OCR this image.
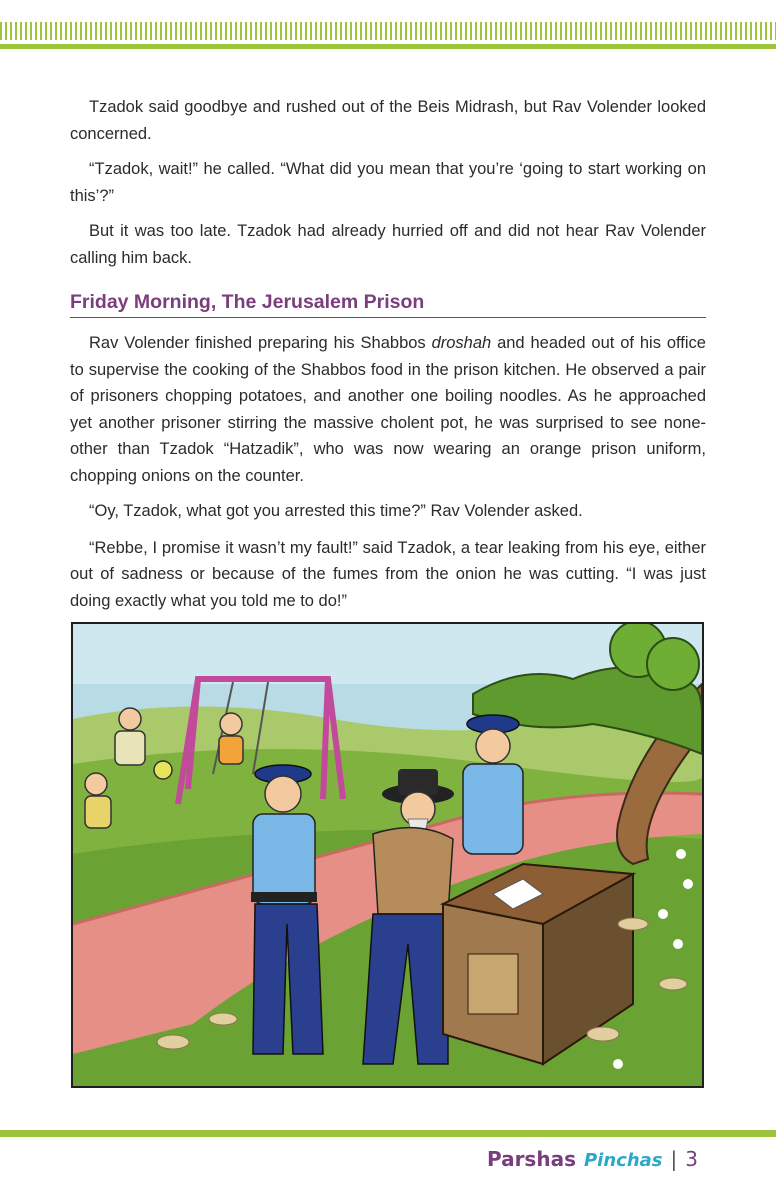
Tzadok said goodbye and rushed out of the Beis Midrash, but Rav Volender looked concerned.

“Tzadok, wait!” he called. “What did you mean that you’re ‘going to start working on this’?”

But it was too late. Tzadok had already hurried off and did not hear Rav Volender calling him back.

Friday Morning, The Jerusalem Prison

Rav Volender finished preparing his Shabbos droshah and headed out of his office to supervise the cooking of the Shabbos food in the prison kitchen. He observed a pair of prisoners chopping potatoes, and another one boiling noodles. As he approached yet another prisoner stirring the massive cholent pot, he was surprised to see none-other than Tzadok “Hatzadik”, who was now wearing an orange prison uniform, chopping onions on the counter.

“Oy, Tzadok, what got you arrested this time?” Rav Volender asked.

“Rebbe, I promise it wasn’t my fault!” said Tzadok, a tear leaking from his eye, either out of sadness or because of the fumes from the onion he was cutting. “I was just doing exactly what you told me to do!”

Parshas Pinchas | 3
